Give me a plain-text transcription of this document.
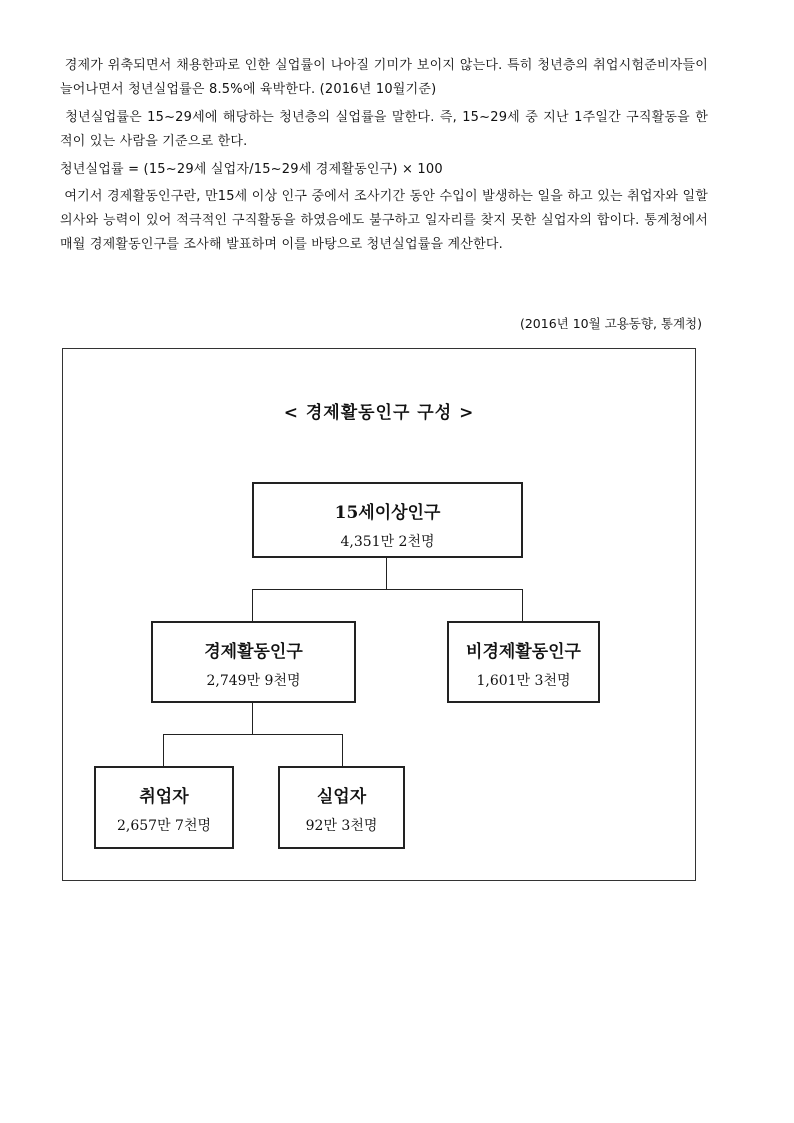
경제가 위축되면서 채용한파로 인한 실업률이 나아질 기미가 보이지 않는다. 특히 청년층의 취업시험준비자들이 늘어나면서 청년실업률은 8.5%에 육박한다. (2016년 10월기준)

청년실업률은 15~29세에 해당하는 청년층의 실업률을 말한다. 즉, 15~29세 중 지난 1주일간 구직활동을 한 적이 있는 사람을 기준으로 한다.

청년실업률 = (15~29세 실업자/15~29세 경제활동인구) × 100

여기서 경제활동인구란, 만15세 이상 인구 중에서 조사기간 동안 수입이 발생하는 일을 하고 있는 취업자와 일할 의사와 능력이 있어 적극적인 구직활동을 하였음에도 불구하고 일자리를 찾지 못한 실업자의 합이다. 통계청에서 매월 경제활동인구를 조사해 발표하며 이를 바탕으로 청년실업률을 계산한다.

(2016년 10월 고용동향, 통계청)
< 경제활동인구 구성 >
15세이상인구
4,351만 2천명
경제활동인구
2,749만 9천명
비경제활동인구
1,601만 3천명
취업자
2,657만 7천명
실업자
92만 3천명
